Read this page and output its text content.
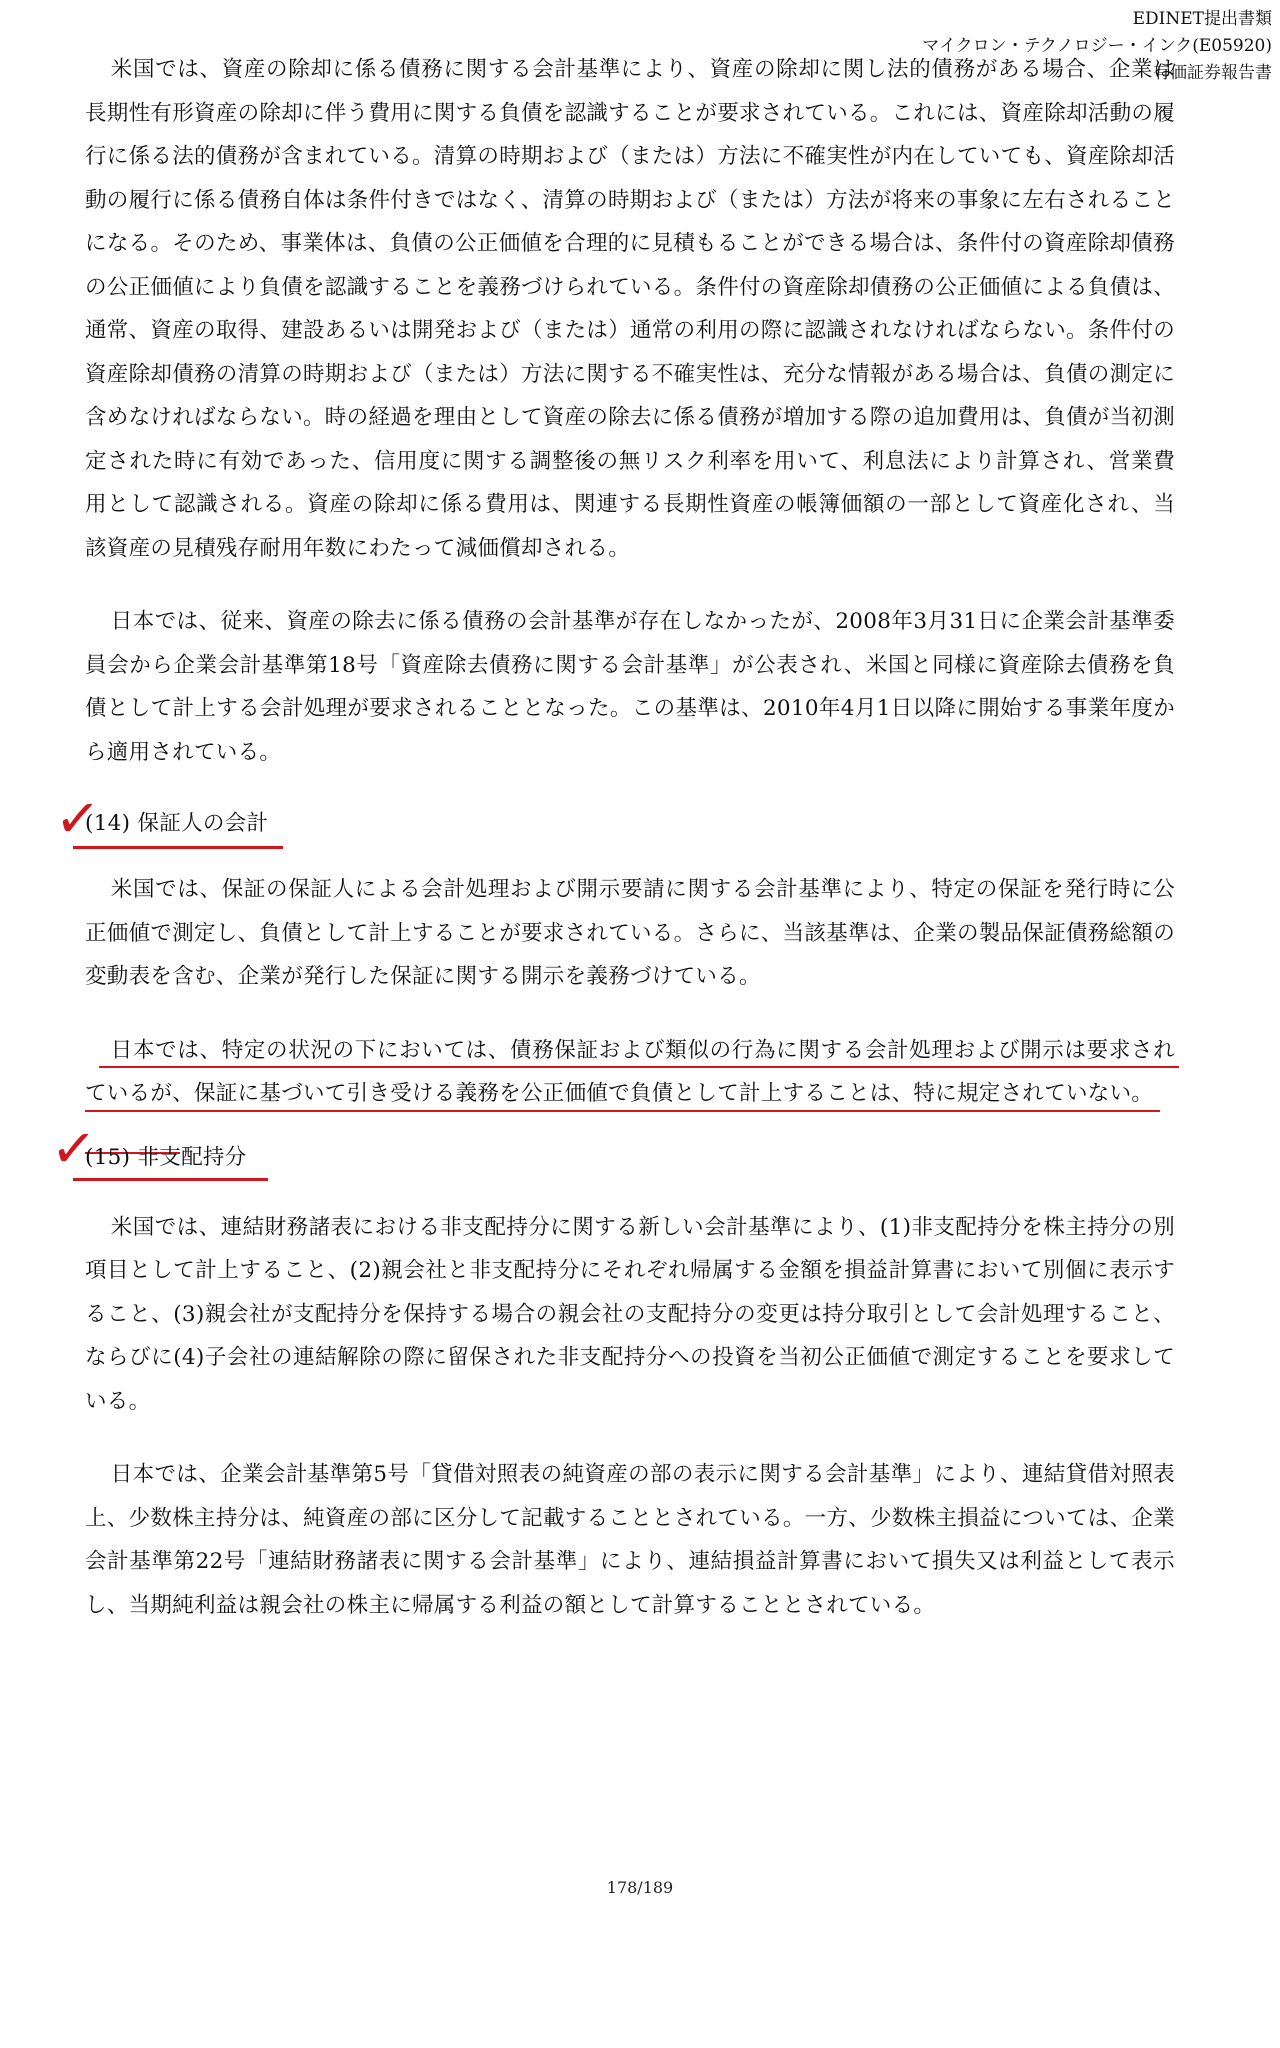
EDINET提出書類
マイクロン・テクノロジー・インク(E05920)
有価証券報告書

米国では、資産の除却に係る債務に関する会計基準により、資産の除却に関し法的債務がある場合、企業は長期性有形資産の除却に伴う費用に関する負債を認識することが要求されている。これには、資産除却活動の履行に係る法的債務が含まれている。清算の時期および（または）方法に不確実性が内在していても、資産除却活動の履行に係る債務自体は条件付きではなく、清算の時期および（または）方法が将来の事象に左右されることになる。そのため、事業体は、負債の公正価値を合理的に見積もることができる場合は、条件付の資産除却債務の公正価値により負債を認識することを義務づけられている。条件付の資産除却債務の公正価値による負債は、通常、資産の取得、建設あるいは開発および（または）通常の利用の際に認識されなければならない。条件付の資産除却債務の清算の時期および（または）方法に関する不確実性は、充分な情報がある場合は、負債の測定に含めなければならない。時の経過を理由として資産の除去に係る債務が増加する際の追加費用は、負債が当初測定された時に有効であった、信用度に関する調整後の無リスク利率を用いて、利息法により計算され、営業費用として認識される。資産の除却に係る費用は、関連する長期性資産の帳簿価額の一部として資産化され、当該資産の見積残存耐用年数にわたって減価償却される。

日本では、従来、資産の除去に係る債務の会計基準が存在しなかったが、2008年3月31日に企業会計基準委員会から企業会計基準第18号「資産除去債務に関する会計基準」が公表され、米国と同様に資産除去債務を負債として計上する会計処理が要求されることとなった。この基準は、2010年4月1日以降に開始する事業年度から適用されている。

✓
(14) 保証人の会計

米国では、保証の保証人による会計処理および開示要請に関する会計基準により、特定の保証を発行時に公正価値で測定し、負債として計上することが要求されている。さらに、当該基準は、企業の製品保証債務総額の変動表を含む、企業が発行した保証に関する開示を義務づけている。

日本では、特定の状況の下においては、債務保証および類似の行為に関する会計処理および開示は要求されているが、保証に基づいて引き受ける義務を公正価値で負債として計上することは、特に規定されていない。

✓
(15) 非支配持分

米国では、連結財務諸表における非支配持分に関する新しい会計基準により、(1)非支配持分を株主持分の別項目として計上すること、(2)親会社と非支配持分にそれぞれ帰属する金額を損益計算書において別個に表示すること、(3)親会社が支配持分を保持する場合の親会社の支配持分の変更は持分取引として会計処理すること、ならびに(4)子会社の連結解除の際に留保された非支配持分への投資を当初公正価値で測定することを要求している。

日本では、企業会計基準第5号「貸借対照表の純資産の部の表示に関する会計基準」により、連結貸借対照表上、少数株主持分は、純資産の部に区分して記載することとされている。一方、少数株主損益については、企業会計基準第22号「連結財務諸表に関する会計基準」により、連結損益計算書において損失又は利益として表示し、当期純利益は親会社の株主に帰属する利益の額として計算することとされている。

178/189
